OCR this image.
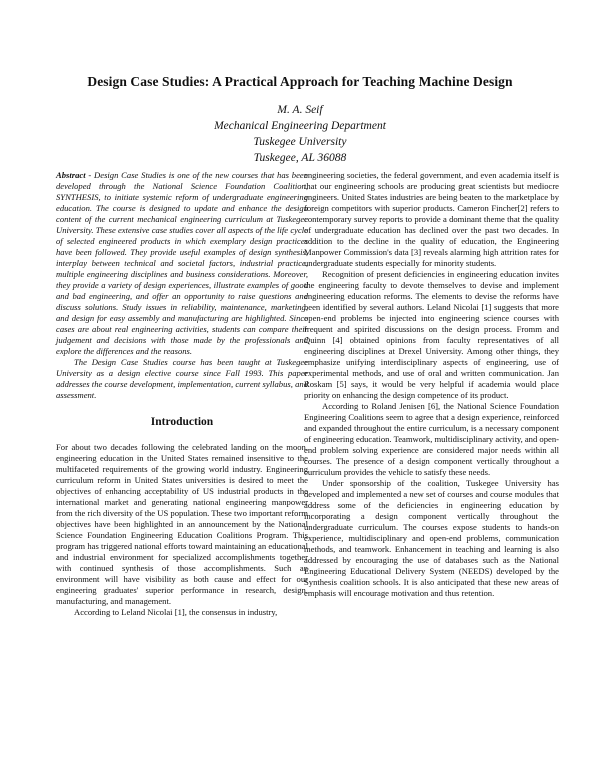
Design Case Studies: A Practical Approach for Teaching Machine Design
M. A. Seif
Mechanical Engineering Department
Tuskegee University
Tuskegee, AL 36088

Abstract - Design Case Studies is one of the new courses that has been developed through the National Science Foundation Coalition, SYNTHESIS, to initiate systemic reform of undergraduate engineering education. The course is designed to update and enhance the design content of the current mechanical engineering curriculum at Tuskegee University. These extensive case studies cover all aspects of the life cycle of selected engineered products in which exemplary design practices have been followed. They provide useful examples of design synthesis, interplay between technical and societal factors, industrial practice, multiple engineering disciplines and business considerations. Moreover, they provide a variety of design experiences, illustrate examples of good and bad engineering, and offer an opportunity to raise questions and discuss solutions. Study issues in reliability, maintenance, marketing, and design for easy assembly and manufacturing are highlighted. Since cases are about real engineering activities, students can compare their judgement and decisions with those made by the professionals and explore the differences and the reasons.

The Design Case Studies course has been taught at Tuskegee University as a design elective course since Fall 1993. This paper addresses the course development, implementation, current syllabus, and assessment.

Introduction

For about two decades following the celebrated landing on the moon, engineering education in the United States remained insensitive to the multifaceted requirements of the growing world industry. Engineering curriculum reform in United States universities is desired to meet the objectives of enhancing acceptability of US industrial products in the international market and generating national engineering manpower from the rich diversity of the US population. These two important reform objectives have been highlighted in an announcement by the National Science Foundation Engineering Education Coalitions Program. This program has triggered national efforts toward maintaining an educational and industrial environment for specialized accomplishments together with continued synthesis of those accomplishments. Such an environment will have visibility as both cause and effect for our engineering graduates' superior performance in research, design, manufacturing, and management.

According to Leland Nicolai [1], the consensus in industry,

engineering societies, the federal government, and even academia itself is that our engineering schools are producing great scientists but mediocre engineers. United States industries are being beaten to the marketplace by foreign competitors with superior products. Cameron Fincher[2] refers to contemporary survey reports to provide a dominant theme that the quality of undergraduate education has declined over the past two decades. In addition to the decline in the quality of education, the Engineering Manpower Commission's data [3] reveals alarming high attrition rates for undergraduate students especially for minority students.

Recognition of present deficiencies in engineering education invites the engineering faculty to devote themselves to devise and implement engineering education reforms. The elements to devise the reforms have been identified by several authors. Leland Nicolai [1] suggests that more open-end problems be injected into engineering science courses with frequent and spirited discussions on the design process. Fromm and Quinn [4] obtained opinions from faculty representatives of all engineering disciplines at Drexel University. Among other things, they emphasize unifying interdisciplinary aspects of engineering, use of experimental methods, and use of oral and written communication. Jan Roskam [5] says, it would be very helpful if academia would place priority on enhancing the design competence of its product.

According to Roland Jenisen [6], the National Science Foundation Engineering Coalitions seem to agree that a design experience, reinforced and expanded throughout the entire curriculum, is a necessary component of engineering education. Teamwork, multidisciplinary activity, and open-end problem solving experience are considered major needs within all courses. The presence of a design component vertically throughout a curriculum provides the vehicle to satisfy these needs.

Under sponsorship of the coalition, Tuskegee University has developed and implemented a new set of courses and course modules that address some of the deficiencies in engineering education by incorporating a design component vertically throughout the undergraduate curriculum. The courses expose students to hands-on experience, multidisciplinary and open-end problems, communication methods, and teamwork. Enhancement in teaching and learning is also addressed by encouraging the use of databases such as the National Engineering Educational Delivery System (NEEDS) developed by the Synthesis coalition schools. It is also anticipated that these new areas of emphasis will encourage motivation and thus retention.
